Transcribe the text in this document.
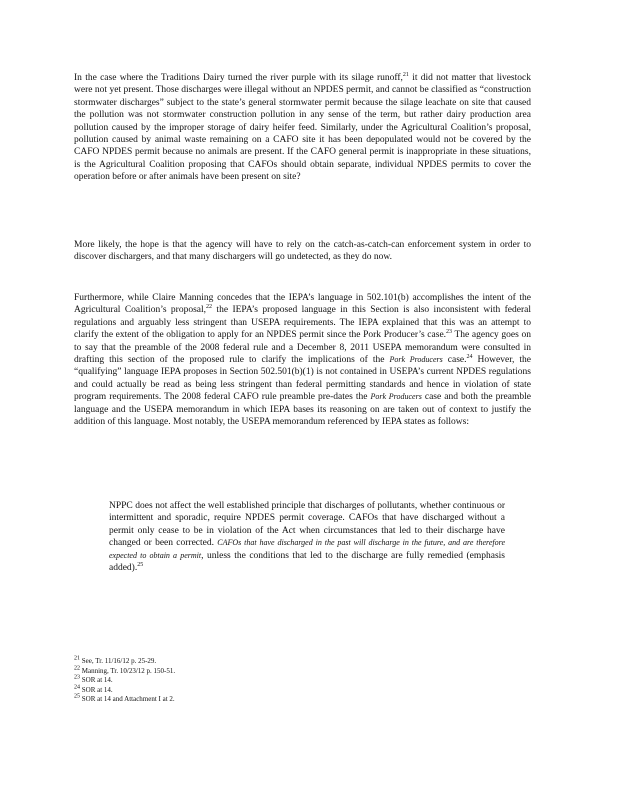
In the case where the Traditions Dairy turned the river purple with its silage runoff,$^{21}$ it did not matter that livestock were not yet present. Those discharges were illegal without an NPDES permit, and cannot be classified as “construction stormwater discharges” subject to the state’s general stormwater permit because the silage leachate on site that caused the pollution was not stormwater construction pollution in any sense of the term, but rather dairy production area pollution caused by the improper storage of dairy heifer feed. Similarly, under the Agricultural Coalition’s proposal, pollution caused by animal waste remaining on a CAFO site it has been depopulated would not be covered by the CAFO NPDES permit because no animals are present. If the CAFO general permit is inappropriate in these situations, is the Agricultural Coalition proposing that CAFOs should obtain separate, individual NPDES permits to cover the operation before or after animals have been present on site?

More likely, the hope is that the agency will have to rely on the catch-as-catch-can enforcement system in order to discover dischargers, and that many dischargers will go undetected, as they do now.

Furthermore, while Claire Manning concedes that the IEPA’s language in 502.101(b) accomplishes the intent of the Agricultural Coalition’s proposal,$^{22}$ the IEPA’s proposed language in this Section is also inconsistent with federal regulations and arguably less stringent than USEPA requirements. The IEPA explained that this was an attempt to clarify the extent of the obligation to apply for an NPDES permit since the Pork Producer’s case.$^{23}$ The agency goes on to say that the preamble of the 2008 federal rule and a December 8, 2011 USEPA memorandum were consulted in drafting this section of the proposed rule to clarify the implications of the Pork Producers case.$^{24}$ However, the “qualifying” language IEPA proposes in Section 502.501(b)(1) is not contained in USEPA’s current NPDES regulations and could actually be read as being less stringent than federal permitting standards and hence in violation of state program requirements. The 2008 federal CAFO rule preamble pre-dates the Pork Producers case and both the preamble language and the USEPA memorandum in which IEPA bases its reasoning on are taken out of context to justify the addition of this language. Most notably, the USEPA memorandum referenced by IEPA states as follows:

NPPC does not affect the well established principle that discharges of pollutants, whether continuous or intermittent and sporadic, require NPDES permit coverage. CAFOs that have discharged without a permit only cease to be in violation of the Act when circumstances that led to their discharge have changed or been corrected. CAFOs that have discharged in the past will discharge in the future, and are therefore expected to obtain a permit, unless the conditions that led to the discharge are fully remedied (emphasis added).$^{25}$

$^{21}$ See, Tr. 11/16/12 p. 25-29.
$^{22}$ Manning, Tr. 10/23/12 p. 150-51.
$^{23}$ SOR at 14.
$^{24}$ SOR at 14.
$^{25}$ SOR at 14 and Attachment I at 2.
